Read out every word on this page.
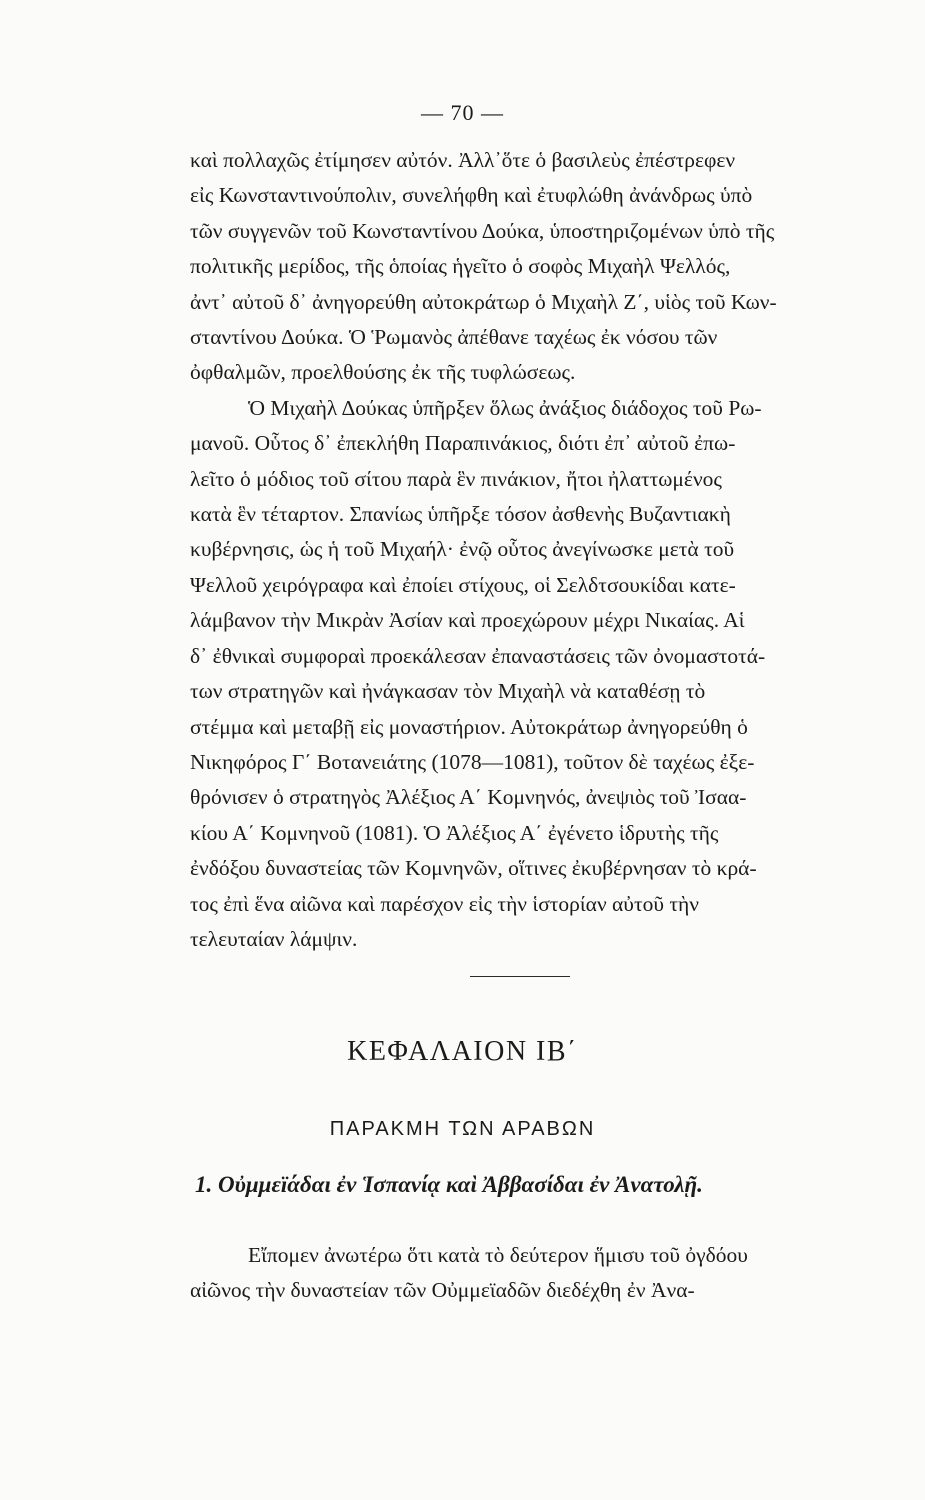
— 70 —
καὶ πολλαχῶς ἐτίμησεν αὐτόν. Ἀλλ᾿ὅτε ὁ βασιλεὺς ἐπέστρεφεν
εἰς Κωνσταντινούπολιν, συνελήφθη καὶ ἐτυφλώθη ἀνάνδρως ὑπὸ
τῶν συγγενῶν τοῦ Κωνσταντίνου Δούκα, ὑποστηριζομένων ὑπὸ τῆς
πολιτικῆς μερίδος, τῆς ὁποίας ἡγεῖτο ὁ σοφὸς Μιχαὴλ Ψελλός,
ἀντ᾿ αὐτοῦ δ᾿ ἀνηγορεύθη αὐτοκράτωρ ὁ Μιχαὴλ Ζ΄, υἱὸς τοῦ Κων-
σταντίνου Δούκα. Ὁ Ῥωμανὸς ἀπέθανε ταχέως ἐκ νόσου τῶν
ὀφθαλμῶν, προελθούσης ἐκ τῆς τυφλώσεως.
Ὁ Μιχαὴλ Δούκας ὑπῆρξεν ὅλως ἀνάξιος διάδοχος τοῦ Ρω-
μανοῦ. Οὗτος δ᾿ ἐπεκλήθη Παραπινάκιος, διότι ἐπ᾿ αὐτοῦ ἐπω-
λεῖτο ὁ μόδιος τοῦ σίτου παρὰ ἓν πινάκιον, ἤτοι ἠλαττωμένος
κατὰ ἓν τέταρτον. Σπανίως ὑπῆρξε τόσον ἀσθενὴς Βυζαντιακὴ
κυβέρνησις, ὡς ἡ τοῦ Μιχαήλ· ἐνῷ οὗτος ἀνεγίνωσκε μετὰ τοῦ
Ψελλοῦ χειρόγραφα καὶ ἐποίει στίχους, οἱ Σελδτσουκίδαι κατε-
λάμβανον τὴν Μικρὰν Ἀσίαν καὶ προεχώρουν μέχρι Νικαίας. Αἱ
δ᾿ ἐθνικαὶ συμφοραὶ προεκάλεσαν ἐπαναστάσεις τῶν ὀνομαστοτά-
των στρατηγῶν καὶ ἠνάγκασαν τὸν Μιχαὴλ νὰ καταθέσῃ τὸ
στέμμα καὶ μεταβῇ εἰς μοναστήριον. Αὐτοκράτωρ ἀνηγορεύθη ὁ
Νικηφόρος Γ΄ Βοτανειάτης (1078—1081), τοῦτον δὲ ταχέως ἐξε-
θρόνισεν ὁ στρατηγὸς Ἀλέξιος Α΄ Κομνηνός, ἀνεψιὸς τοῦ Ἰσαα-
κίου Α΄ Κομνηνοῦ (1081). Ὁ Ἀλέξιος Α΄ ἐγένετο ἱδρυτὴς τῆς
ἐνδόξου δυναστείας τῶν Κομνηνῶν, οἵτινες ἐκυβέρνησαν τὸ κρά-
τος ἐπὶ ἕνα αἰῶνα καὶ παρέσχον εἰς τὴν ἱστορίαν αὐτοῦ τὴν
τελευταίαν λάμψιν.
ΚΕΦΑΛΑΙΟΝ ΙΒ΄
ΠΑΡΑΚΜΗ ΤΩΝ ΑΡΑΒΩΝ
1. Οὐμμεϊάδαι ἐν Ἱσπανίᾳ καὶ Ἀββασίδαι ἐν Ἀνατολῇ.
Εἴπομεν ἀνωτέρω ὅτι κατὰ τὸ δεύτερον ἥμισυ τοῦ ὀγδόου
αἰῶνος τὴν δυναστείαν τῶν Οὐμμεϊαδῶν διεδέχθη ἐν Ἀνα-
